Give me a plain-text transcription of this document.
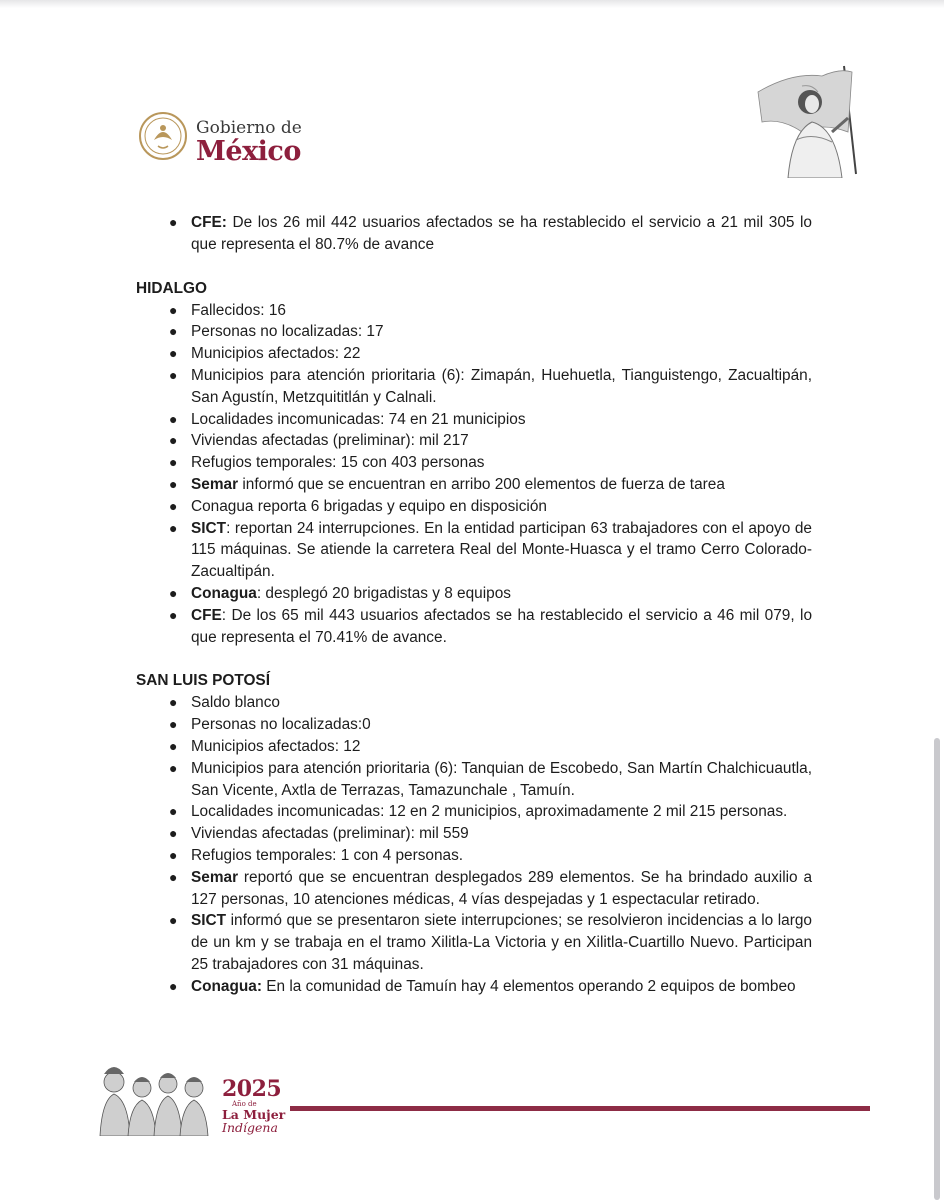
Gobierno de
México
● CFE: De los 26 mil 442 usuarios afectados se ha restablecido el servicio a 21 mil 305 lo que representa el 80.7% de avance
HIDALGO
● Fallecidos: 16
● Personas no localizadas: 17
● Municipios afectados: 22
● Municipios para atención prioritaria (6): Zimapán, Huehuetla, Tianguistengo, Zacualtipán, San Agustín, Metzquititlán y Calnali.
● Localidades incomunicadas: 74 en 21 municipios
● Viviendas afectadas (preliminar): mil 217
● Refugios temporales: 15 con 403 personas
● Semar informó que se encuentran en arribo 200 elementos de fuerza de tarea
● Conagua reporta 6 brigadas y equipo en disposición
● SICT: reportan 24 interrupciones. En la entidad participan 63 trabajadores con el apoyo de 115 máquinas. Se atiende la carretera Real del Monte-Huasca y el tramo Cerro Colorado-Zacualtipán.
● Conagua: desplegó 20 brigadistas y 8 equipos
● CFE: De los 65 mil 443 usuarios afectados se ha restablecido el servicio a 46 mil 079, lo que representa el 70.41% de avance.
SAN LUIS POTOSÍ
● Saldo blanco
● Personas no localizadas:0
● Municipios afectados: 12
● Municipios para atención prioritaria (6): Tanquian de Escobedo, San Martín Chalchicuautla, San Vicente, Axtla de Terrazas, Tamazunchale , Tamuín.
● Localidades incomunicadas: 12 en 2 municipios, aproximadamente 2 mil 215 personas.
● Viviendas afectadas (preliminar): mil 559
● Refugios temporales: 1 con 4 personas.
● Semar reportó que se encuentran desplegados 289 elementos. Se ha brindado auxilio a 127 personas, 10 atenciones médicas, 4 vías despejadas y 1 espectacular retirado.
● SICT informó que se presentaron siete interrupciones; se resolvieron incidencias a lo largo de un km y se trabaja en el tramo Xilitla-La Victoria y en Xilitla-Cuartillo Nuevo. Participan 25 trabajadores con 31 máquinas.
● Conagua: En la comunidad de Tamuín hay 4 elementos operando 2 equipos de bombeo
2025
Año de
La Mujer
Indígena
